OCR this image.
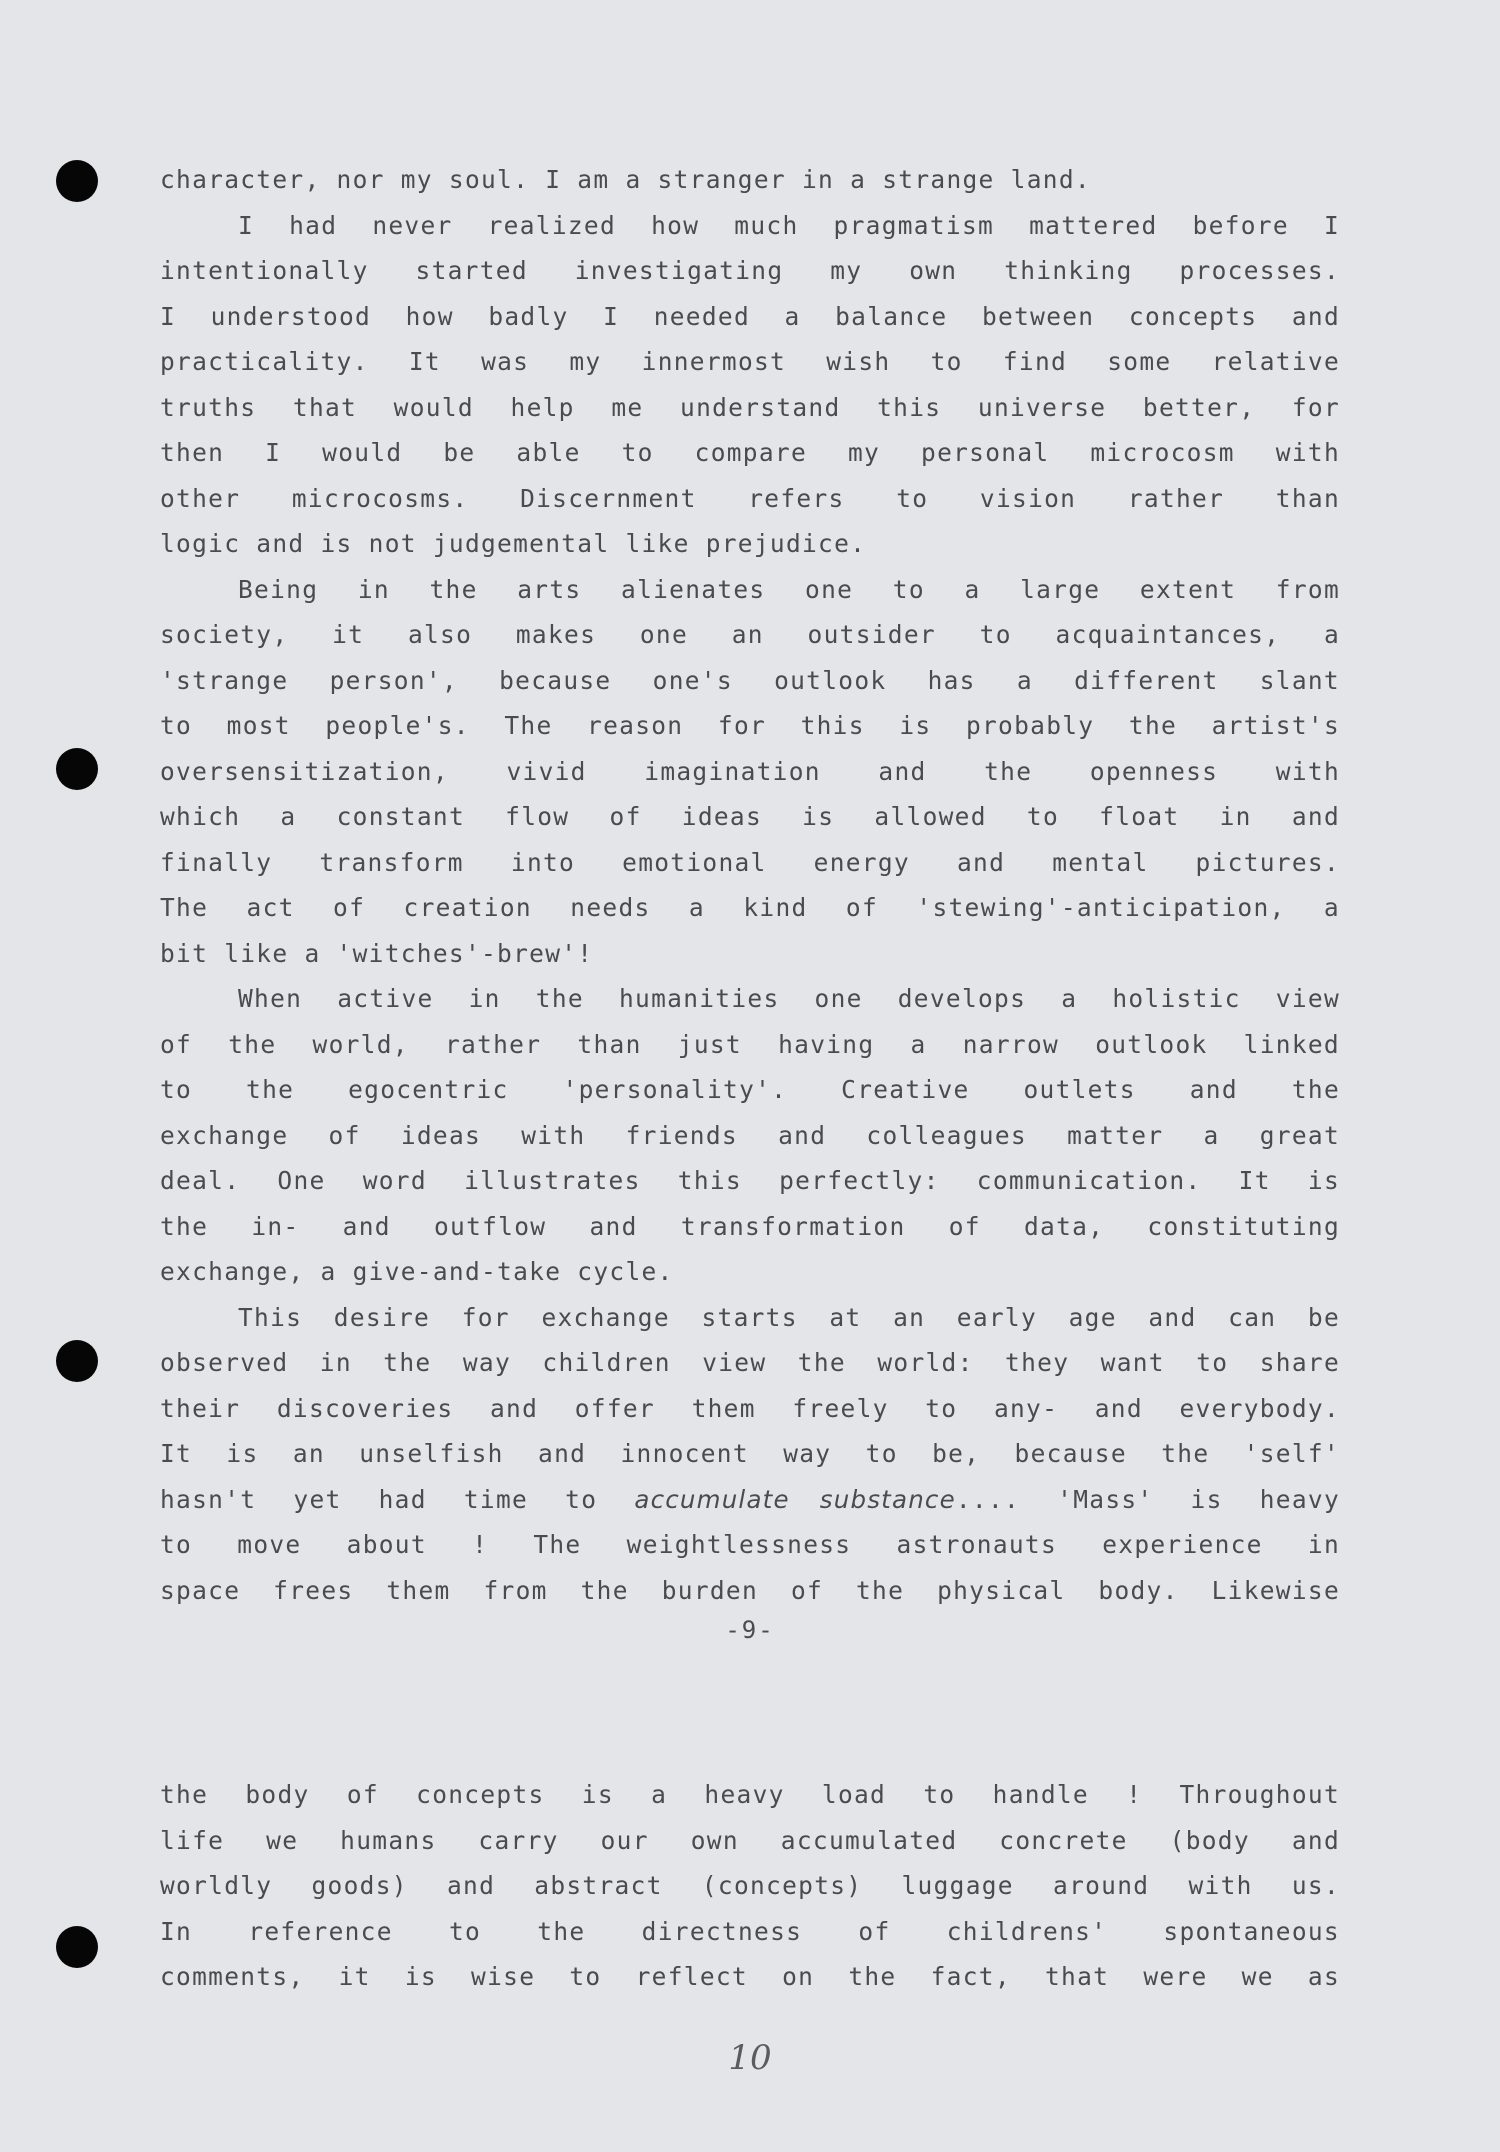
character, nor my soul. I am a stranger in a strange land.
I had never realized how much pragmatism mattered before I
intentionally started investigating my own thinking processes.
I understood how badly I needed a balance between concepts and
practicality. It was my innermost wish to find some relative
truths that would help me understand this universe better, for
then I would be able to compare my personal microcosm with
other microcosms. Discernment refers to vision rather than
logic and is not judgemental like prejudice.
Being in the arts alienates one to a large extent from
society, it also makes one an outsider to acquaintances, a
'strange person', because one's outlook has a different slant
to most people's. The reason for this is probably the artist's
oversensitization, vivid imagination and the openness with
which a constant flow of ideas is allowed to float in and
finally transform into emotional energy and mental pictures.
The act of creation needs a kind of 'stewing'-anticipation, a
bit like a 'witches'-brew'!
When active in the humanities one develops a holistic view
of the world, rather than just having a narrow outlook linked
to the egocentric 'personality'. Creative outlets and the
exchange of ideas with friends and colleagues matter a great
deal. One word illustrates this perfectly: communication. It is
the in- and outflow and transformation of data, constituting
exchange, a give-and-take cycle.
This desire for exchange starts at an early age and can be
observed in the way children view the world: they want to share
their discoveries and offer them freely to any- and everybody.
It is an unselfish and innocent way to be, because the 'self'
hasn't yet had time to accumulate substance.... 'Mass' is heavy
to move about ! The weightlessness astronauts experience in
space frees them from the burden of the physical body. Likewise
-9-
the body of concepts is a heavy load to handle ! Throughout
life we humans carry our own accumulated concrete (body and
worldly goods) and abstract (concepts) luggage around with us.
In reference to the directness of childrens' spontaneous
comments, it is wise to reflect on the fact, that were we as
10
